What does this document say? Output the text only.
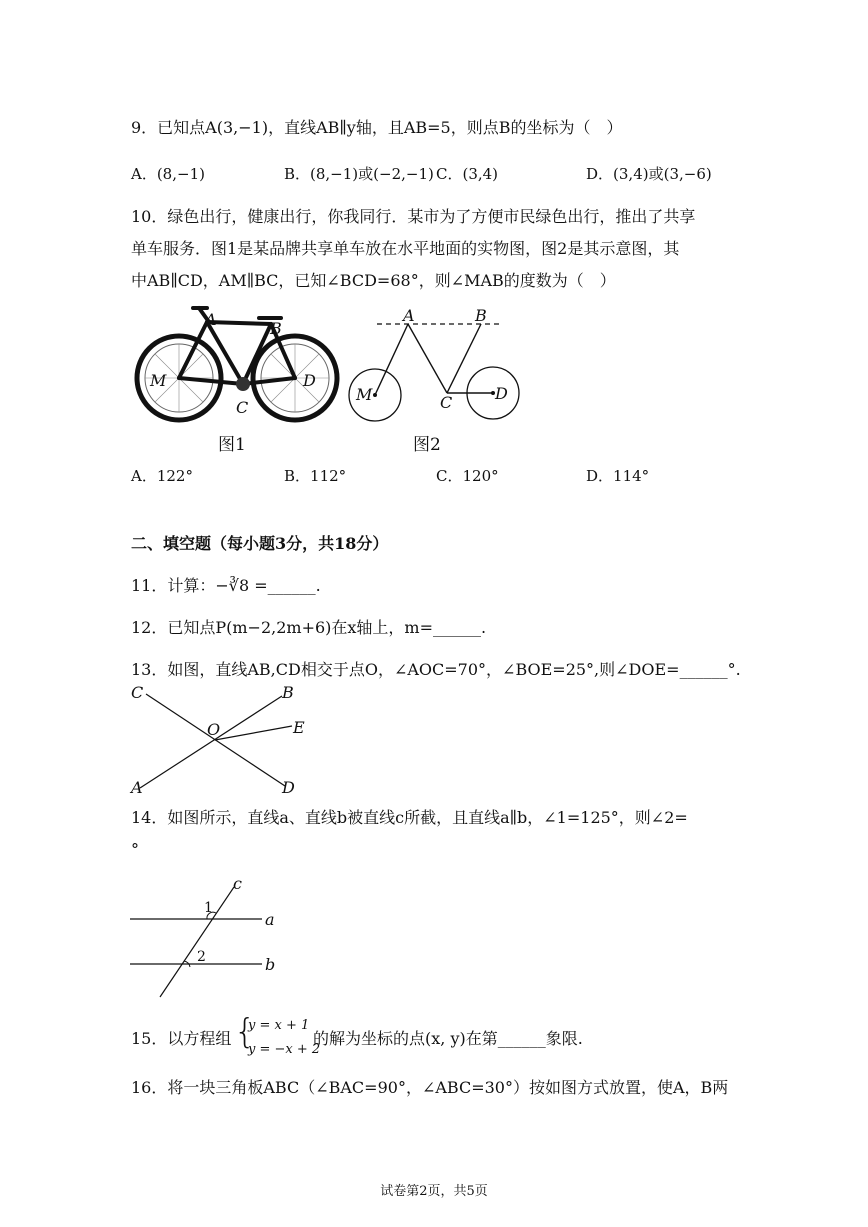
9．已知点A(3,−1)，直线AB∥y轴，且AB=5，则点B的坐标为（　）
A．(8,−1)	B．(8,−1)或(−2,−1) C．(3,4)	D．(3,4)或(3,−6)
10．绿色出行，健康出行，你我同行．某市为了方便市民绿色出行，推出了共享
单车服务．图1是某品牌共享单车放在水平地面的实物图，图2是其示意图，其
中AB∥CD，AM∥BC，已知∠BCD=68°，则∠MAB的度数为（　）
A	B
M	D
C
图1
A	B
M	C	D
图2
A．122°	B．112°	C．120°	D．114°
二、填空题（每小题3分，共18分）
11．计算：−∛8 =______.
12．已知点P(m−2,2m+6)在x轴上，m=______.
13．如图，直线AB,CD相交于点O，∠AOC=70°，∠BOE=25°,则∠DOE=______°.
C	B
O	E
A	D
14．如图所示，直线a、直线b被直线c所截，且直线a∥b，∠1=125°，则∠2=
°
c
1
a
2	b
15．以方程组 {
y = x + 1
y = −x + 2
的解为坐标的点(x, y)在第______象限.
16．将一块三角板ABC（∠BAC=90°，∠ABC=30°）按如图方式放置，使A，B两
试卷第2页，共5页
